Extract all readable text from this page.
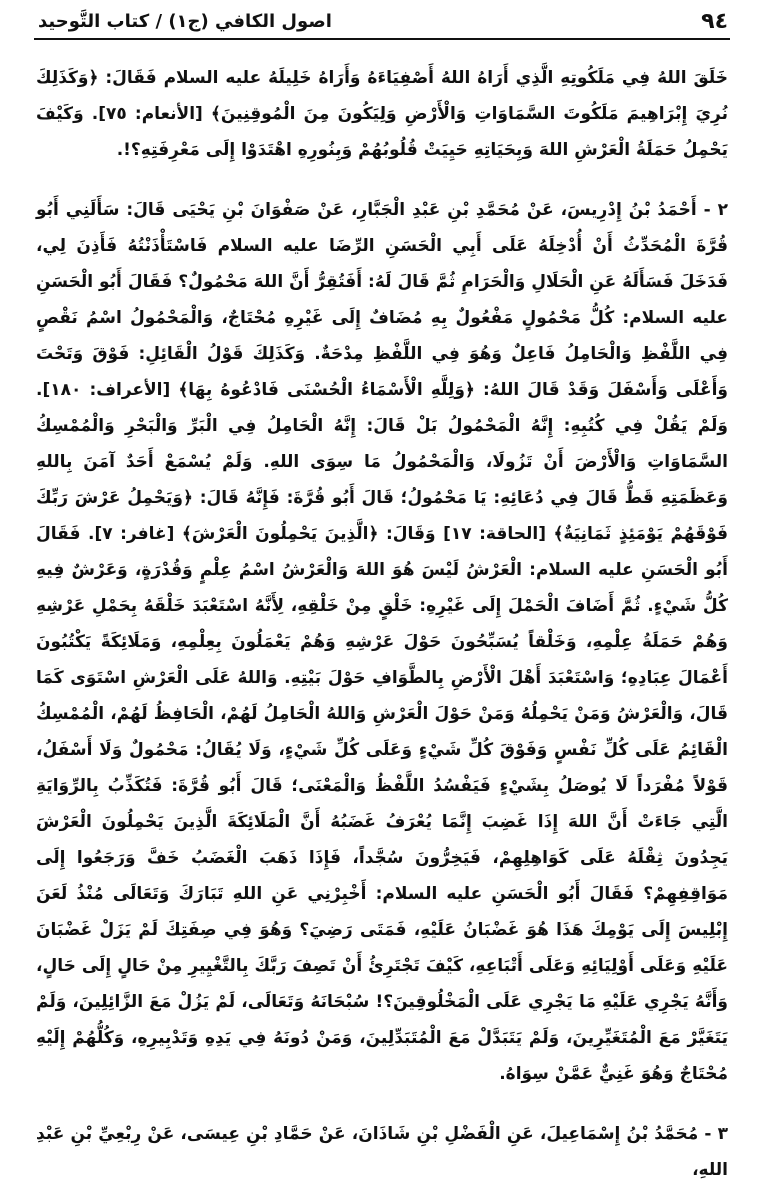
٩٤
اصول الكافي (ج١) / كتاب التَّوحيد

خَلَقَ اللهُ فِي مَلَكُوتِهِ الَّذِي أَرَاهُ اللهُ أَصْفِيَاءَهُ وَأَرَاهُ خَلِيلَهُ عليه السلام فَقَالَ: ﴿وَكَذَلِكَ نُرِيَ إِبْرَاهِيمَ مَلَكُوتَ السَّمَاوَاتِ وَالْأَرْضِ وَلِيَكُونَ مِنَ الْمُوقِنِينَ﴾ [الأنعام: ٧٥]. وَكَيْفَ يَحْمِلُ حَمَلَةُ الْعَرْشِ اللهَ وَبِحَيَاتِهِ حَيِيَتْ قُلُوبُهُمْ وَبِنُورِهِ اهْتَدَوْا إِلَى مَعْرِفَتِهِ؟!.

٢ - أَحْمَدُ بْنُ إِدْرِيسَ، عَنْ مُحَمَّدِ بْنِ عَبْدِ الْجَبَّارِ، عَنْ صَفْوَانَ بْنِ يَحْيَى قَالَ: سَأَلَنِي أَبُو قُرَّةَ الْمُحَدِّثُ أَنْ أُدْخِلَهُ عَلَى أَبِي الْحَسَنِ الرِّضَا عليه السلام فَاسْتَأْذَنْتُهُ فَأَذِنَ لِي، فَدَخَلَ فَسَأَلَهُ عَنِ الْحَلَالِ وَالْحَرَامِ ثُمَّ قَالَ لَهُ: أَفَتُقِرُّ أَنَّ اللهَ مَحْمُولٌ؟ فَقَالَ أَبُو الْحَسَنِ عليه السلام: كُلُّ مَحْمُولٍ مَفْعُولٌ بِهِ مُضَافٌ إِلَى غَيْرِهِ مُحْتَاجٌ، وَالْمَحْمُولُ اسْمُ نَقْصٍ فِي اللَّفْظِ وَالْحَامِلُ فَاعِلٌ وَهُوَ فِي اللَّفْظِ مِدْحَةٌ. وَكَذَلِكَ قَوْلُ الْقَائِلِ: فَوْقَ وَتَحْتَ وَأَعْلَى وَأَسْفَلَ وَقَدْ قَالَ اللهُ: ﴿وَلِلَّهِ الْأَسْمَاءُ الْحُسْنَى فَادْعُوهُ بِهَا﴾ [الأعراف: ١٨٠]. وَلَمْ يَقُلْ فِي كُتُبِهِ: إِنَّهُ الْمَحْمُولُ بَلْ قَالَ: إِنَّهُ الْحَامِلُ فِي الْبَرِّ وَالْبَحْرِ وَالْمُمْسِكُ السَّمَاوَاتِ وَالْأَرْضَ أَنْ تَزُولَا، وَالْمَحْمُولُ مَا سِوَى اللهِ. وَلَمْ يُسْمَعْ أَحَدٌ آمَنَ بِاللهِ وَعَظَمَتِهِ قَطُّ قَالَ فِي دُعَائِهِ: يَا مَحْمُولُ؛ قَالَ أَبُو قُرَّةَ: فَإِنَّهُ قَالَ: ﴿وَيَحْمِلُ عَرْشَ رَبِّكَ فَوْقَهُمْ يَوْمَئِذٍ ثَمَانِيَةٌ﴾ [الحاقة: ١٧] وَقَالَ: ﴿الَّذِينَ يَحْمِلُونَ الْعَرْشَ﴾ [غافر: ٧]. فَقَالَ أَبُو الْحَسَنِ عليه السلام: الْعَرْشُ لَيْسَ هُوَ اللهَ وَالْعَرْشُ اسْمُ عِلْمٍ وَقُدْرَةٍ، وَعَرْشٌ فِيهِ كُلُّ شَيْءٍ. ثُمَّ أَضَافَ الْحَمْلَ إِلَى غَيْرِهِ: خَلْقٍ مِنْ خَلْقِهِ، لِأَنَّهُ اسْتَعْبَدَ خَلْقَهُ بِحَمْلِ عَرْشِهِ وَهُمْ حَمَلَةُ عِلْمِهِ، وَخَلْقاً يُسَبِّحُونَ حَوْلَ عَرْشِهِ وَهُمْ يَعْمَلُونَ بِعِلْمِهِ، وَمَلَائِكَةً يَكْتُبُونَ أَعْمَالَ عِبَادِهِ؛ وَاسْتَعْبَدَ أَهْلَ الْأَرْضِ بِالطَّوَافِ حَوْلَ بَيْتِهِ. وَاللهُ عَلَى الْعَرْشِ اسْتَوَى كَمَا قَالَ، وَالْعَرْشُ وَمَنْ يَحْمِلُهُ وَمَنْ حَوْلَ الْعَرْشِ وَاللهُ الْحَامِلُ لَهُمْ، الْحَافِظُ لَهُمْ، الْمُمْسِكُ الْقَائِمُ عَلَى كُلِّ نَفْسٍ وَفَوْقَ كُلِّ شَيْءٍ وَعَلَى كُلِّ شَيْءٍ، وَلَا يُقَالُ: مَحْمُولٌ وَلَا أَسْفَلُ، قَوْلاً مُفْرَداً لَا يُوصَلُ بِشَيْءٍ فَيَفْسُدُ اللَّفْظُ وَالْمَعْنَى؛ قَالَ أَبُو قُرَّةَ: فَتُكَذِّبُ بِالرِّوَايَةِ الَّتِي جَاءَتْ أَنَّ اللهَ إِذَا غَضِبَ إِنَّمَا يُعْرَفُ غَضَبُهُ أَنَّ الْمَلَائِكَةَ الَّذِينَ يَحْمِلُونَ الْعَرْشَ يَجِدُونَ ثِقْلَهُ عَلَى كَوَاهِلِهِمْ، فَيَخِرُّونَ سُجَّداً، فَإِذَا ذَهَبَ الْغَضَبُ خَفَّ وَرَجَعُوا إِلَى مَوَاقِفِهِمْ؟ فَقَالَ أَبُو الْحَسَنِ عليه السلام: أَخْبِرْنِي عَنِ اللهِ تَبَارَكَ وَتَعَالَى مُنْذُ لَعَنَ إِبْلِيسَ إِلَى يَوْمِكَ هَذَا هُوَ غَضْبَانُ عَلَيْهِ، فَمَتَى رَضِيَ؟ وَهُوَ فِي صِفَتِكَ لَمْ يَزَلْ غَضْبَانَ عَلَيْهِ وَعَلَى أَوْلِيَائِهِ وَعَلَى أَتْبَاعِهِ، كَيْفَ تَجْتَرِئُ أَنْ تَصِفَ رَبَّكَ بِالتَّغْيِيرِ مِنْ حَالٍ إِلَى حَالٍ، وَأَنَّهُ يَجْرِي عَلَيْهِ مَا يَجْرِي عَلَى الْمَخْلُوقِينَ؟! سُبْحَانَهُ وَتَعَالَى، لَمْ يَزُلْ مَعَ الزَّائِلِينَ، وَلَمْ يَتَغَيَّرْ مَعَ الْمُتَغَيِّرِينَ، وَلَمْ يَتَبَدَّلْ مَعَ الْمُتَبَدِّلِينَ، وَمَنْ دُونَهُ فِي يَدِهِ وَتَدْبِيرِهِ، وَكُلُّهُمْ إِلَيْهِ مُحْتَاجٌ وَهُوَ غَنِيٌّ عَمَّنْ سِوَاهُ.

٣ - مُحَمَّدُ بْنُ إِسْمَاعِيلَ، عَنِ الْفَضْلِ بْنِ شَاذَانَ، عَنْ حَمَّادِ بْنِ عِيسَى، عَنْ رِبْعِيِّ بْنِ عَبْدِ اللهِ،
